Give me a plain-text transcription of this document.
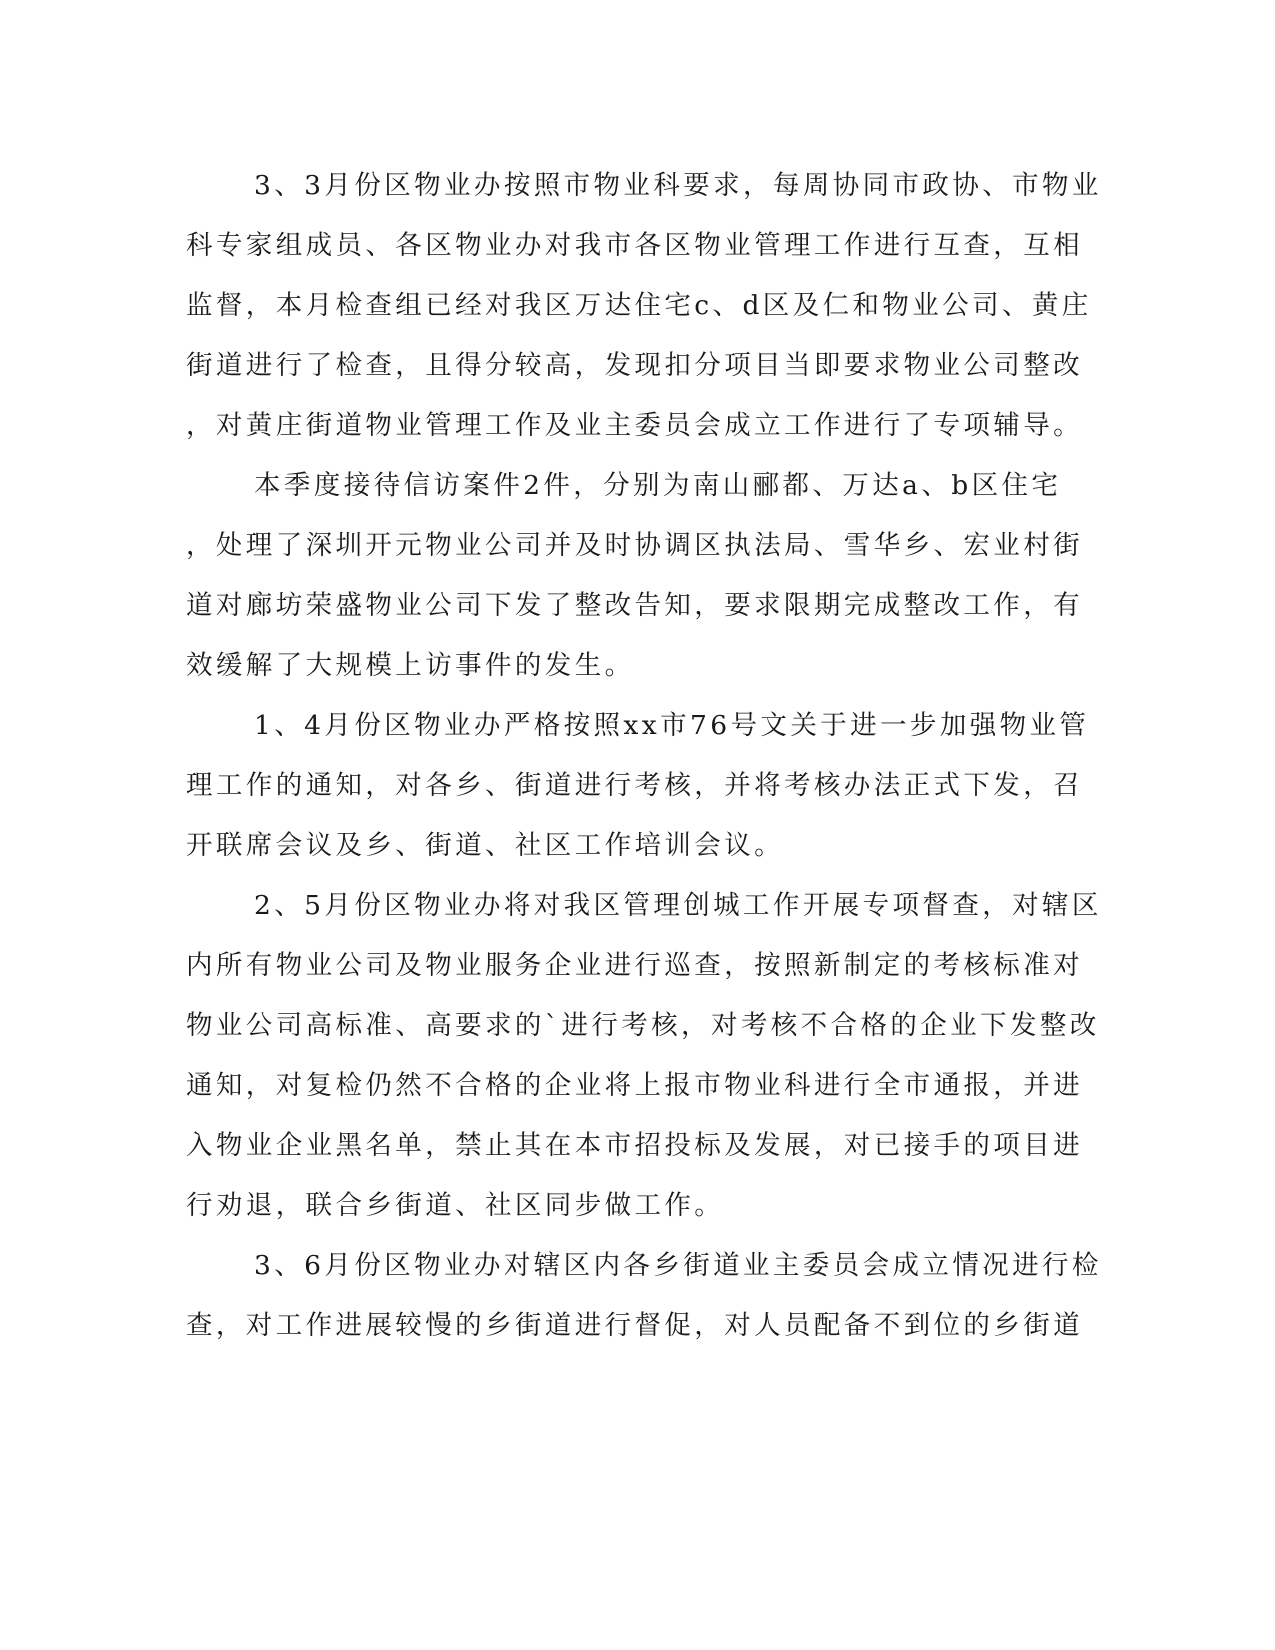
3、3月份区物业办按照市物业科要求，每周协同市政协、市物业
科专家组成员、各区物业办对我市各区物业管理工作进行互查，互相
监督，本月检查组已经对我区万达住宅c、d区及仁和物业公司、黄庄
街道进行了检查，且得分较高，发现扣分项目当即要求物业公司整改
，对黄庄街道物业管理工作及业主委员会成立工作进行了专项辅导。
本季度接待信访案件2件，分别为南山郦都、万达a、b区住宅
，处理了深圳开元物业公司并及时协调区执法局、雪华乡、宏业村街
道对廊坊荣盛物业公司下发了整改告知，要求限期完成整改工作，有
效缓解了大规模上访事件的发生。
1、4月份区物业办严格按照xx市76号文关于进一步加强物业管
理工作的通知，对各乡、街道进行考核，并将考核办法正式下发，召
开联席会议及乡、街道、社区工作培训会议。
2、5月份区物业办将对我区管理创城工作开展专项督查，对辖区
内所有物业公司及物业服务企业进行巡查，按照新制定的考核标准对
物业公司高标准、高要求的`进行考核，对考核不合格的企业下发整改
通知，对复检仍然不合格的企业将上报市物业科进行全市通报，并进
入物业企业黑名单，禁止其在本市招投标及发展，对已接手的项目进
行劝退，联合乡街道、社区同步做工作。
3、6月份区物业办对辖区内各乡街道业主委员会成立情况进行检
查，对工作进展较慢的乡街道进行督促，对人员配备不到位的乡街道
